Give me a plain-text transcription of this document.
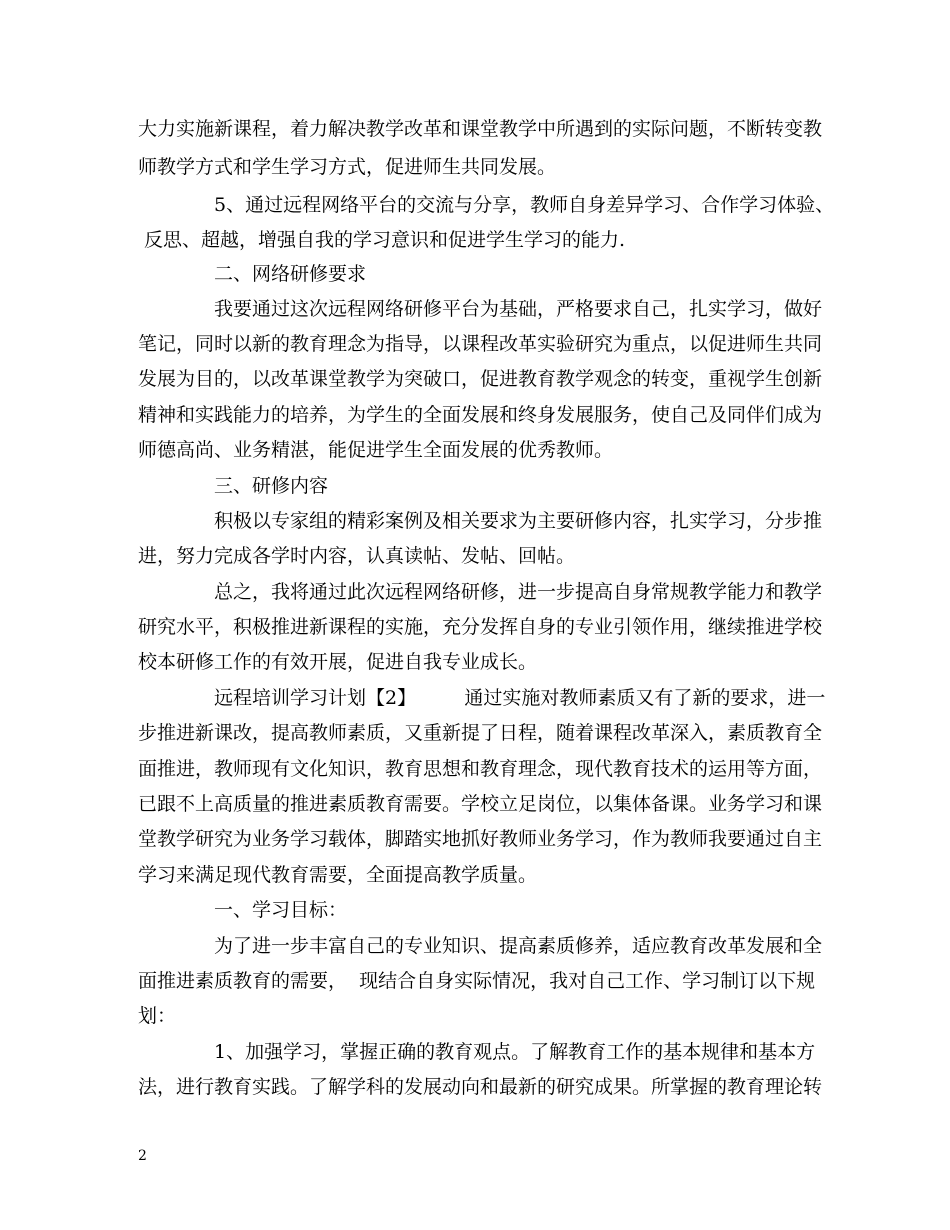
大力实施新课程，着力解决教学改革和课堂教学中所遇到的实际问题，不断转变教
师教学方式和学生学习方式，促进师生共同发展。
5、通过远程网络平台的交流与分享，教师自身差异学习、合作学习体验、
反思、超越，增强自我的学习意识和促进学生学习的能力.
二、网络研修要求
我要通过这次远程网络研修平台为基础，严格要求自己，扎实学习，做好
笔记，同时以新的教育理念为指导，以课程改革实验研究为重点，以促进师生共同
发展为目的，以改革课堂教学为突破口，促进教育教学观念的转变，重视学生创新
精神和实践能力的培养，为学生的全面发展和终身发展服务，使自己及同伴们成为
师德高尚、业务精湛，能促进学生全面发展的优秀教师。
三、研修内容
积极以专家组的精彩案例及相关要求为主要研修内容，扎实学习，分步推
进，努力完成各学时内容，认真读帖、发帖、回帖。
总之，我将通过此次远程网络研修，进一步提高自身常规教学能力和教学
研究水平，积极推进新课程的实施，充分发挥自身的专业引领作用，继续推进学校
校本研修工作的有效开展，促进自我专业成长。
远程培训学习计划【2】        通过实施对教师素质又有了新的要求，进一
步推进新课改，提高教师素质，又重新提了日程，随着课程改革深入，素质教育全
面推进，教师现有文化知识，教育思想和教育理念，现代教育技术的运用等方面，
已跟不上高质量的推进素质教育需要。学校立足岗位，以集体备课。业务学习和课
堂教学研究为业务学习载体，脚踏实地抓好教师业务学习，作为教师我要通过自主
学习来满足现代教育需要，全面提高教学质量。
一、学习目标：
为了进一步丰富自己的专业知识、提高素质修养，适应教育改革发展和全
面推进素质教育的需要，  现结合自身实际情况，我对自己工作、学习制订以下规
划：
1、加强学习，掌握正确的教育观点。了解教育工作的基本规律和基本方
法，进行教育实践。了解学科的发展动向和最新的研究成果。所掌握的教育理论转
2
